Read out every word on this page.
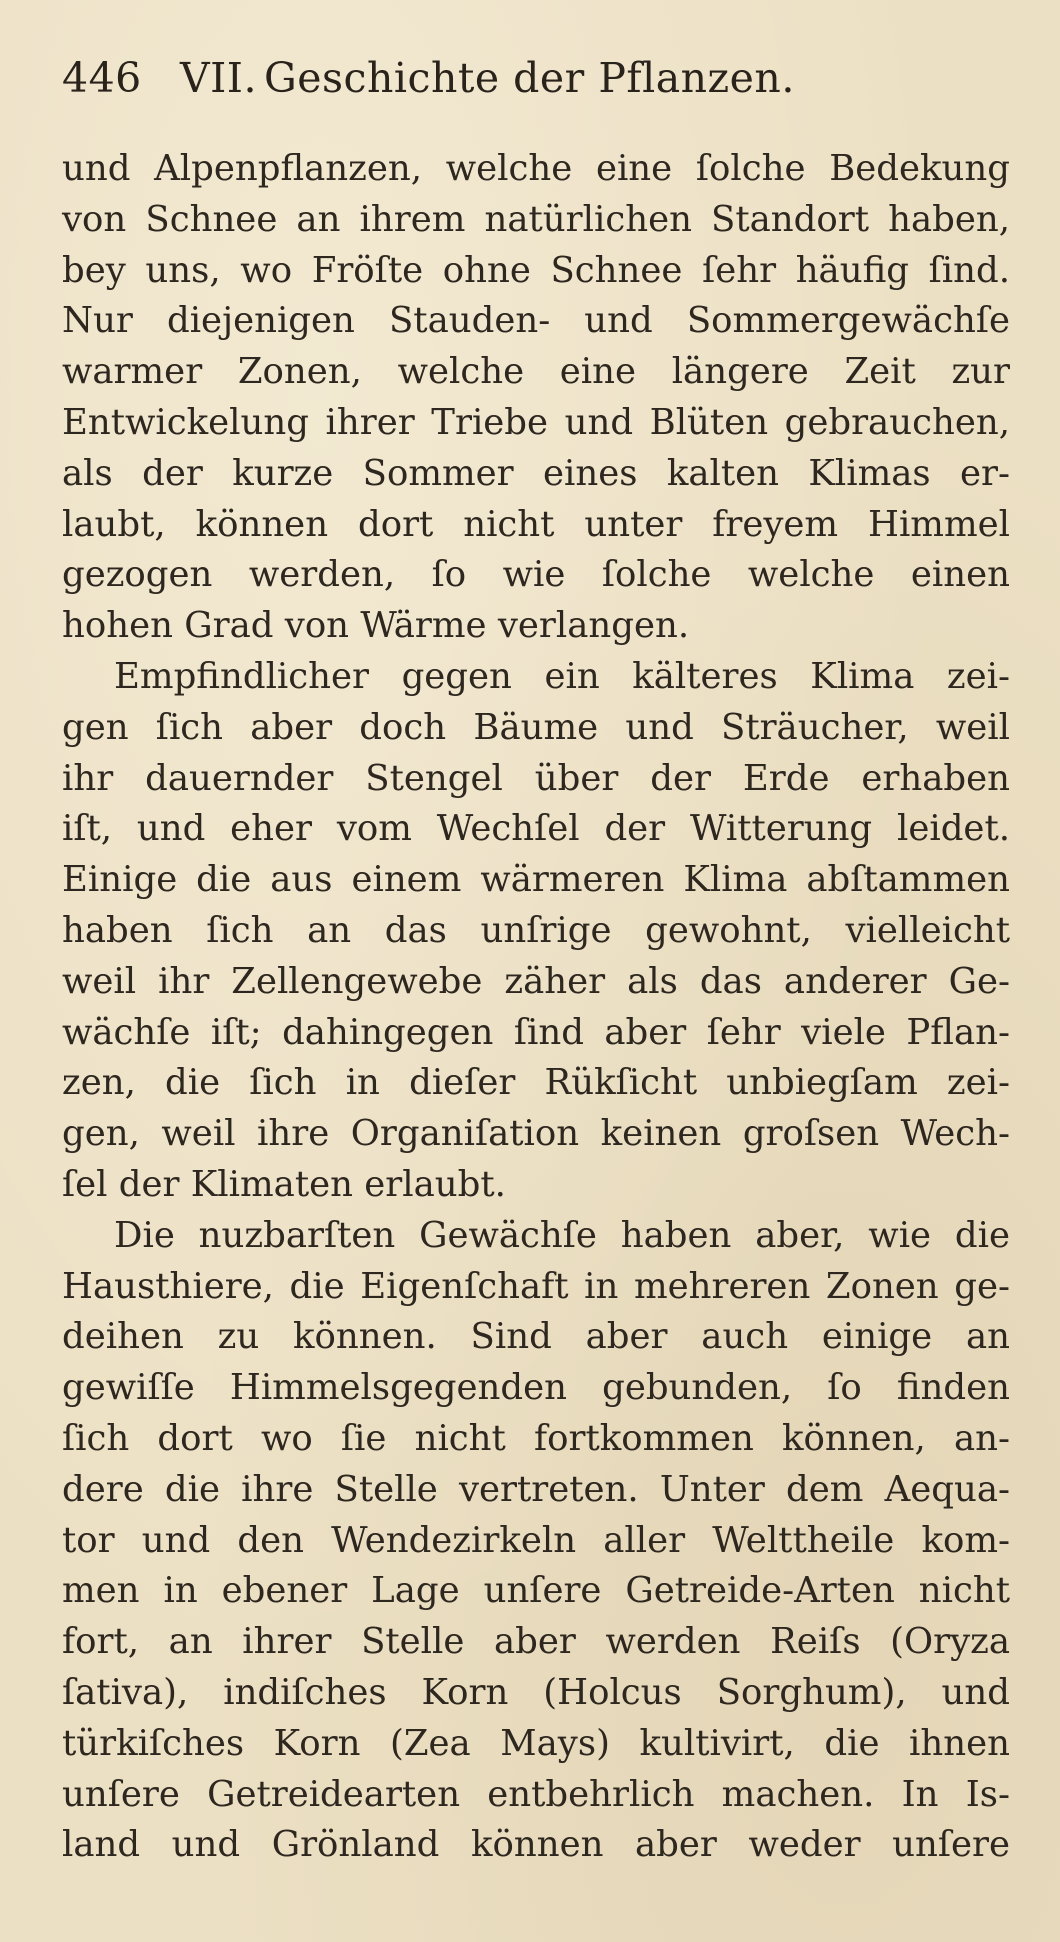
446 VII. Geschichte der Pflanzen.
und Alpenpflanzen, welche eine ſolche Bedekung
von Schnee an ihrem natürlichen Standort haben,
bey uns, wo Fröſte ohne Schnee ſehr häufig ſind.
Nur diejenigen Stauden- und Sommergewächſe
warmer Zonen, welche eine längere Zeit zur
Entwickelung ihrer Triebe und Blüten gebrauchen,
als der kurze Sommer eines kalten Klimas er-
laubt, können dort nicht unter freyem Himmel
gezogen werden, ſo wie ſolche welche einen
hohen Grad von Wärme verlangen.
Empfindlicher gegen ein kälteres Klima zei-
gen ſich aber doch Bäume und Sträucher, weil
ihr dauernder Stengel über der Erde erhaben
iſt, und eher vom Wechſel der Witterung leidet.
Einige die aus einem wärmeren Klima abſtammen
haben ſich an das unſrige gewohnt, vielleicht
weil ihr Zellengewebe zäher als das anderer Ge-
wächſe iſt; dahingegen ſind aber ſehr viele Pflan-
zen, die ſich in dieſer Rükſicht unbiegſam zei-
gen, weil ihre Organiſation keinen groſsen Wech-
ſel der Klimaten erlaubt.
Die nuzbarſten Gewächſe haben aber, wie die
Hausthiere, die Eigenſchaft in mehreren Zonen ge-
deihen zu können. Sind aber auch einige an
gewiſſe Himmelsgegenden gebunden, ſo finden
ſich dort wo ſie nicht fortkommen können, an-
dere die ihre Stelle vertreten. Unter dem Aequa-
tor und den Wendezirkeln aller Welttheile kom-
men in ebener Lage unſere Getreide-Arten nicht
fort, an ihrer Stelle aber werden Reiſs (Oryza
ſativa), indiſches Korn (Holcus Sorghum), und
türkiſches Korn (Zea Mays) kultivirt, die ihnen
unſere Getreidearten entbehrlich machen. In Is-
land und Grönland können aber weder unſere
